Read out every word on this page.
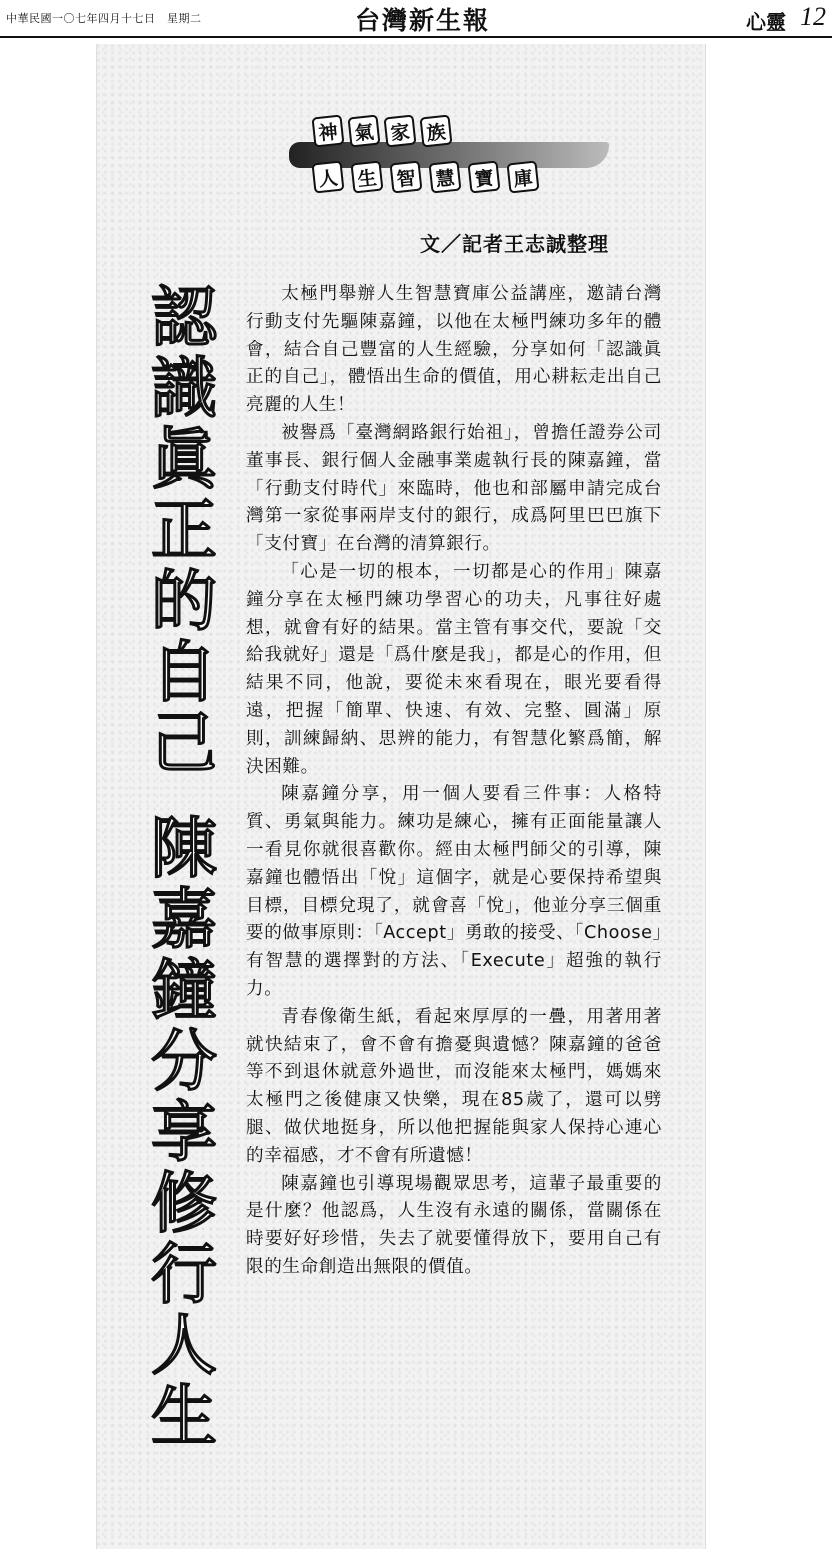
中華民國一〇七年四月十七日　星期二	台灣新生報	心靈 12
神 氣 家 族
人 生 智 慧 寶 庫
文／記者王志誠整理
認
識
眞
正
的
自
己
陳
嘉
鐘
分
享
修
行
人
生

太極門舉辦人生智慧寶庫公益講座，邀請台灣行動支付先驅陳嘉鐘，以他在太極門練功多年的體會，結合自己豐富的人生經驗，分享如何「認識眞正的自己」，體悟出生命的價值，用心耕耘走出自己亮麗的人生！

被譽爲「臺灣網路銀行始祖」，曾擔任證券公司董事長、銀行個人金融事業處執行長的陳嘉鐘，當「行動支付時代」來臨時，他也和部屬申請完成台灣第一家從事兩岸支付的銀行，成爲阿里巴巴旗下「支付寶」在台灣的清算銀行。

「心是一切的根本，一切都是心的作用」陳嘉鐘分享在太極門練功學習心的功夫，凡事往好處想，就會有好的結果。當主管有事交代，要說「交給我就好」還是「爲什麼是我」，都是心的作用，但結果不同，他說，要從未來看現在，眼光要看得遠，把握「簡單、快速、有效、完整、圓滿」原則，訓練歸納、思辨的能力，有智慧化繁爲簡，解決困難。

陳嘉鐘分享，用一個人要看三件事：人格特質、勇氣與能力。練功是練心，擁有正面能量讓人一看見你就很喜歡你。經由太極門師父的引導，陳嘉鐘也體悟出「悅」這個字，就是心要保持希望與目標，目標兌現了，就會喜「悅」，他並分享三個重要的做事原則：「Accept」勇敢的接受、「Choose」有智慧的選擇對的方法、「Execute」超強的執行力。

青春像衛生紙，看起來厚厚的一疊，用著用著就快結束了，會不會有擔憂與遺憾？陳嘉鐘的爸爸等不到退休就意外過世，而沒能來太極門，媽媽來太極門之後健康又快樂，現在85歲了，還可以劈腿、做伏地挺身，所以他把握能與家人保持心連心的幸福感，才不會有所遺憾！

陳嘉鐘也引導現場觀眾思考，這輩子最重要的是什麼？他認爲，人生沒有永遠的關係，當關係在時要好好珍惜，失去了就要懂得放下，要用自己有限的生命創造出無限的價值。
